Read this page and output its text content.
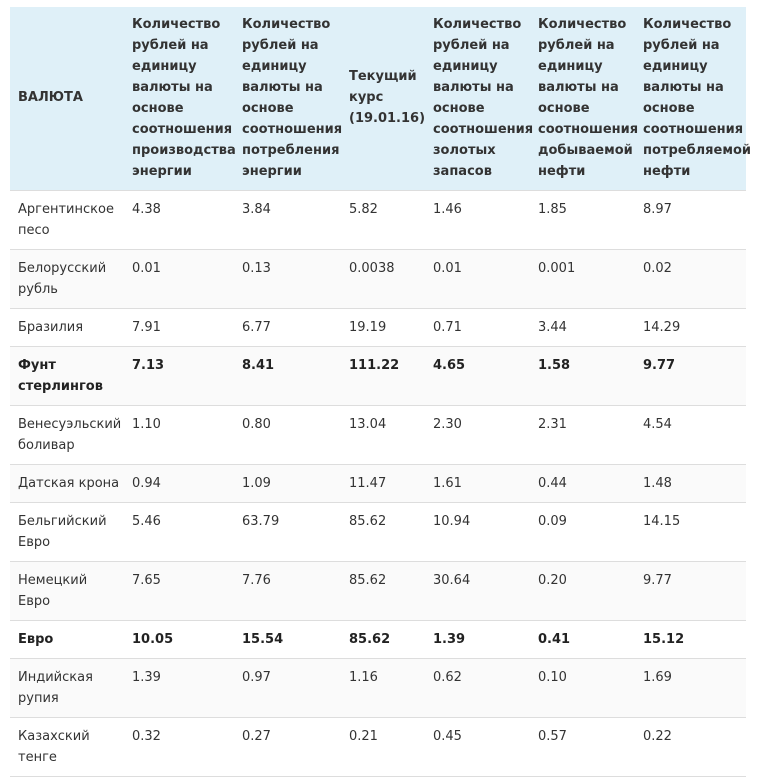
ВАЛЮТА	Количество рублей на единицу валюты на основе соотношения производства энергии	Количество рублей на единицу валюты на основе соотношения потребления энергии	Текущий курс (19.01.16)	Количество рублей на единицу валюты на основе соотношения золотых запасов	Количество рублей на единицу валюты на основе соотношения добываемой нефти	Количество рублей на единицу валюты на основе соотношения потребляемой нефти
Аргентинское песо	4.38	3.84	5.82	1.46	1.85	8.97
Белорусский рубль	0.01	0.13	0.0038	0.01	0.001	0.02
Бразилия	7.91	6.77	19.19	0.71	3.44	14.29
Фунт стерлингов	7.13	8.41	111.22	4.65	1.58	9.77
Венесуэльский боливар	1.10	0.80	13.04	2.30	2.31	4.54
Датская крона	0.94	1.09	11.47	1.61	0.44	1.48
Бельгийский Евро	5.46	63.79	85.62	10.94	0.09	14.15
Немецкий Евро	7.65	7.76	85.62	30.64	0.20	9.77
Евро	10.05	15.54	85.62	1.39	0.41	15.12
Индийская рупия	1.39	0.97	1.16	0.62	0.10	1.69
Казахский тенге	0.32	0.27	0.21	0.45	0.57	0.22
